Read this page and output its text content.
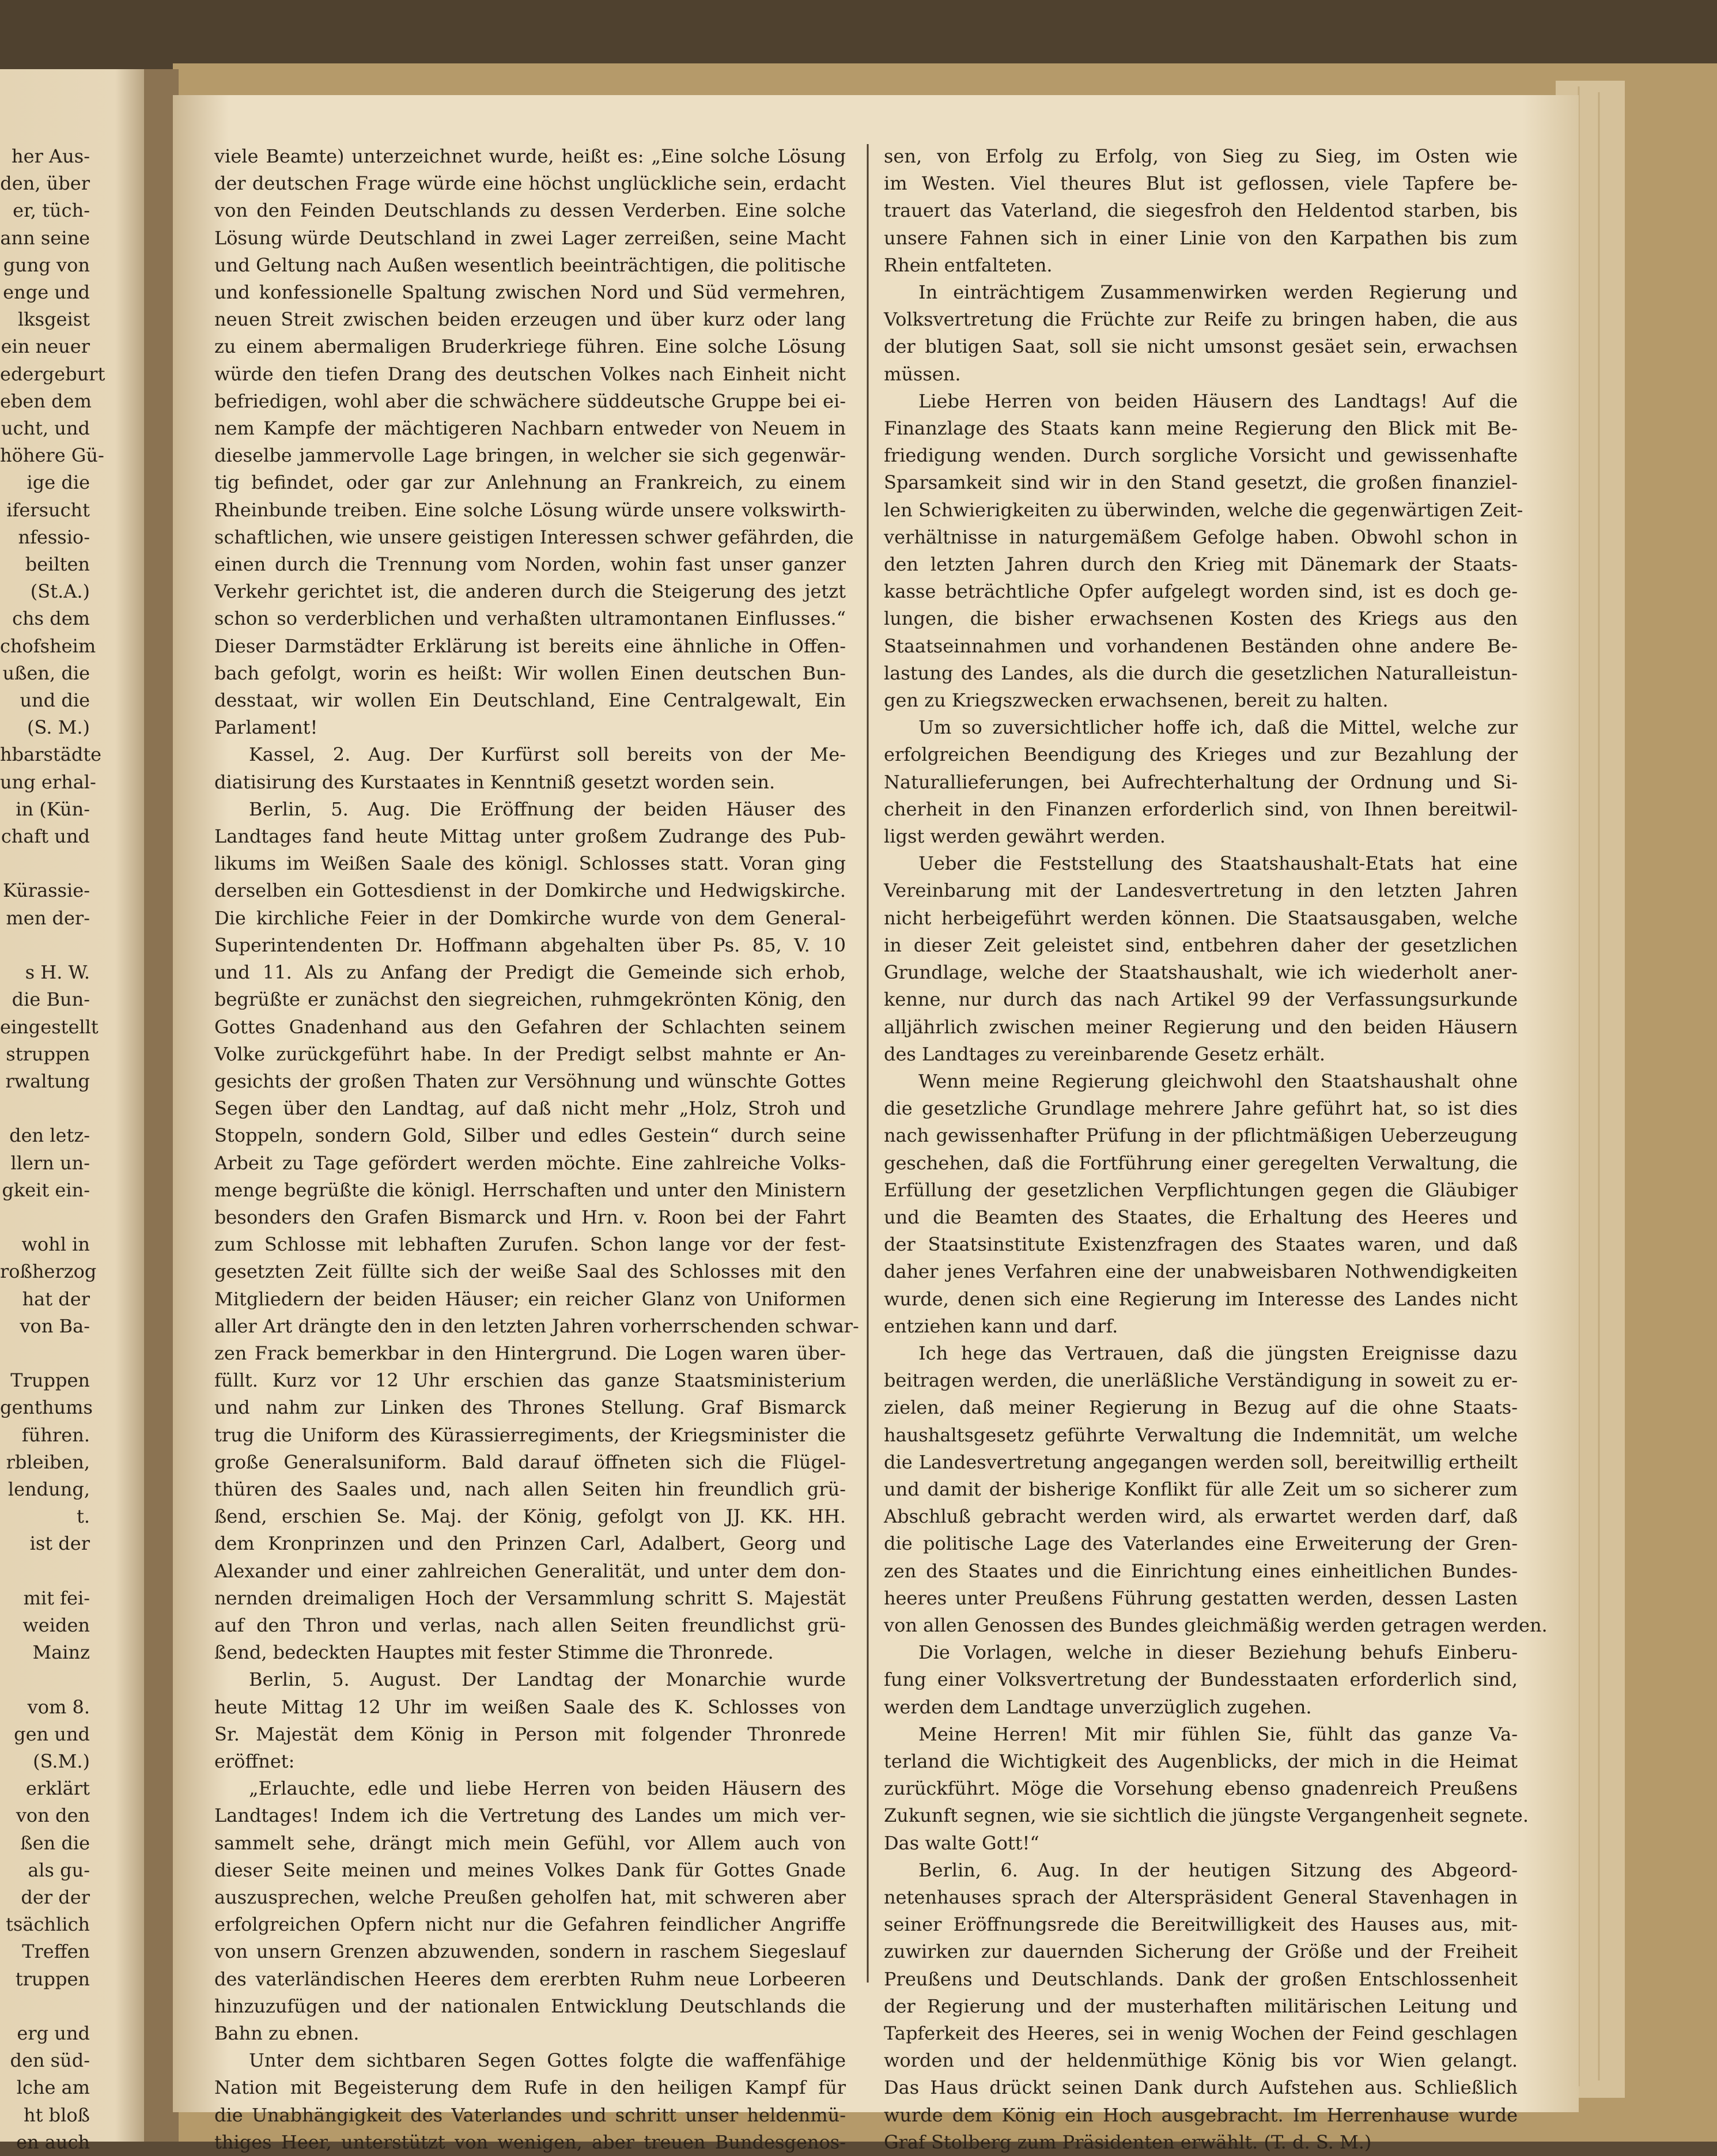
her Aus-
den, über
er, tüch-
ann seine
gung von
enge und
lksgeist
ein neuer
edergeburt
eben dem
ucht, und
höhere Gü-
ige die
ifersucht
nfessio-
beilten
(St.A.)
chs dem
chofsheim
ußen, die
und die
(S. M.)
hbarstädte
ung erhal-
in (Kün-
chaft und

Kürassie-
men der-

s H. W.
die Bun-
eingestellt
struppen
rwaltung

den letz-
llern un-
gkeit ein-

wohl in
roßherzog
hat der
von Ba-

Truppen
genthums
führen.
rbleiben,
lendung,
t.
ist der

mit fei-
weiden
Mainz

vom 8.
gen und
(S.M.)
erklärt
von den
ßen die
als gu-
der der
tsächlich
Treffen
truppen

erg und
den süd-
lche am
ht bloß
en auch
viele Beamte) unterzeichnet wurde, heißt es: „Eine solche Lösung
der deutschen Frage würde eine höchst unglückliche sein, erdacht
von den Feinden Deutschlands zu dessen Verderben. Eine solche
Lösung würde Deutschland in zwei Lager zerreißen, seine Macht
und Geltung nach Außen wesentlich beeinträchtigen, die politische
und konfessionelle Spaltung zwischen Nord und Süd vermehren,
neuen Streit zwischen beiden erzeugen und über kurz oder lang
zu einem abermaligen Bruderkriege führen. Eine solche Lösung
würde den tiefen Drang des deutschen Volkes nach Einheit nicht
befriedigen, wohl aber die schwächere süddeutsche Gruppe bei ei-
nem Kampfe der mächtigeren Nachbarn entweder von Neuem in
dieselbe jammervolle Lage bringen, in welcher sie sich gegenwär-
tig befindet, oder gar zur Anlehnung an Frankreich, zu einem
Rheinbunde treiben. Eine solche Lösung würde unsere volkswirth-
schaftlichen, wie unsere geistigen Interessen schwer gefährden, die
einen durch die Trennung vom Norden, wohin fast unser ganzer
Verkehr gerichtet ist, die anderen durch die Steigerung des jetzt
schon so verderblichen und verhaßten ultramontanen Einflusses.“
Dieser Darmstädter Erklärung ist bereits eine ähnliche in Offen-
bach gefolgt, worin es heißt: Wir wollen Einen deutschen Bun-
desstaat, wir wollen Ein Deutschland, Eine Centralgewalt, Ein
Parlament!
Kassel, 2. Aug. Der Kurfürst soll bereits von der Me-
diatisirung des Kurstaates in Kenntniß gesetzt worden sein.
Berlin, 5. Aug. Die Eröffnung der beiden Häuser des
Landtages fand heute Mittag unter großem Zudrange des Pub-
likums im Weißen Saale des königl. Schlosses statt. Voran ging
derselben ein Gottesdienst in der Domkirche und Hedwigskirche.
Die kirchliche Feier in der Domkirche wurde von dem General-
Superintendenten Dr. Hoffmann abgehalten über Ps. 85, V. 10
und 11. Als zu Anfang der Predigt die Gemeinde sich erhob,
begrüßte er zunächst den siegreichen, ruhmgekrönten König, den
Gottes Gnadenhand aus den Gefahren der Schlachten seinem
Volke zurückgeführt habe. In der Predigt selbst mahnte er An-
gesichts der großen Thaten zur Versöhnung und wünschte Gottes
Segen über den Landtag, auf daß nicht mehr „Holz, Stroh und
Stoppeln, sondern Gold, Silber und edles Gestein“ durch seine
Arbeit zu Tage gefördert werden möchte. Eine zahlreiche Volks-
menge begrüßte die königl. Herrschaften und unter den Ministern
besonders den Grafen Bismarck und Hrn. v. Roon bei der Fahrt
zum Schlosse mit lebhaften Zurufen. Schon lange vor der fest-
gesetzten Zeit füllte sich der weiße Saal des Schlosses mit den
Mitgliedern der beiden Häuser; ein reicher Glanz von Uniformen
aller Art drängte den in den letzten Jahren vorherrschenden schwar-
zen Frack bemerkbar in den Hintergrund. Die Logen waren über-
füllt. Kurz vor 12 Uhr erschien das ganze Staatsministerium
und nahm zur Linken des Thrones Stellung. Graf Bismarck
trug die Uniform des Kürassierregiments, der Kriegsminister die
große Generalsuniform. Bald darauf öffneten sich die Flügel-
thüren des Saales und, nach allen Seiten hin freundlich grü-
ßend, erschien Se. Maj. der König, gefolgt von JJ. KK. HH.
dem Kronprinzen und den Prinzen Carl, Adalbert, Georg und
Alexander und einer zahlreichen Generalität, und unter dem don-
nernden dreimaligen Hoch der Versammlung schritt S. Majestät
auf den Thron und verlas, nach allen Seiten freundlichst grü-
ßend, bedeckten Hauptes mit fester Stimme die Thronrede.
Berlin, 5. August. Der Landtag der Monarchie wurde
heute Mittag 12 Uhr im weißen Saale des K. Schlosses von
Sr. Majestät dem König in Person mit folgender Thronrede
eröffnet:
„Erlauchte, edle und liebe Herren von beiden Häusern des
Landtages! Indem ich die Vertretung des Landes um mich ver-
sammelt sehe, drängt mich mein Gefühl, vor Allem auch von
dieser Seite meinen und meines Volkes Dank für Gottes Gnade
auszusprechen, welche Preußen geholfen hat, mit schweren aber
erfolgreichen Opfern nicht nur die Gefahren feindlicher Angriffe
von unsern Grenzen abzuwenden, sondern in raschem Siegeslauf
des vaterländischen Heeres dem ererbten Ruhm neue Lorbeeren
hinzuzufügen und der nationalen Entwicklung Deutschlands die
Bahn zu ebnen.
Unter dem sichtbaren Segen Gottes folgte die waffenfähige
Nation mit Begeisterung dem Rufe in den heiligen Kampf für
die Unabhängigkeit des Vaterlandes und schritt unser heldenmü-
thiges Heer, unterstützt von wenigen, aber treuen Bundesgenos-
sen, von Erfolg zu Erfolg, von Sieg zu Sieg, im Osten wie
im Westen. Viel theures Blut ist geflossen, viele Tapfere be-
trauert das Vaterland, die siegesfroh den Heldentod starben, bis
unsere Fahnen sich in einer Linie von den Karpathen bis zum
Rhein entfalteten.
In einträchtigem Zusammenwirken werden Regierung und
Volksvertretung die Früchte zur Reife zu bringen haben, die aus
der blutigen Saat, soll sie nicht umsonst gesäet sein, erwachsen
müssen.
Liebe Herren von beiden Häusern des Landtags! Auf die
Finanzlage des Staats kann meine Regierung den Blick mit Be-
friedigung wenden. Durch sorgliche Vorsicht und gewissenhafte
Sparsamkeit sind wir in den Stand gesetzt, die großen finanziel-
len Schwierigkeiten zu überwinden, welche die gegenwärtigen Zeit-
verhältnisse in naturgemäßem Gefolge haben. Obwohl schon in
den letzten Jahren durch den Krieg mit Dänemark der Staats-
kasse beträchtliche Opfer aufgelegt worden sind, ist es doch ge-
lungen, die bisher erwachsenen Kosten des Kriegs aus den
Staatseinnahmen und vorhandenen Beständen ohne andere Be-
lastung des Landes, als die durch die gesetzlichen Naturalleistun-
gen zu Kriegszwecken erwachsenen, bereit zu halten.
Um so zuversichtlicher hoffe ich, daß die Mittel, welche zur
erfolgreichen Beendigung des Krieges und zur Bezahlung der
Naturallieferungen, bei Aufrechterhaltung der Ordnung und Si-
cherheit in den Finanzen erforderlich sind, von Ihnen bereitwil-
ligst werden gewährt werden.
Ueber die Feststellung des Staatshaushalt-Etats hat eine
Vereinbarung mit der Landesvertretung in den letzten Jahren
nicht herbeigeführt werden können. Die Staatsausgaben, welche
in dieser Zeit geleistet sind, entbehren daher der gesetzlichen
Grundlage, welche der Staatshaushalt, wie ich wiederholt aner-
kenne, nur durch das nach Artikel 99 der Verfassungsurkunde
alljährlich zwischen meiner Regierung und den beiden Häusern
des Landtages zu vereinbarende Gesetz erhält.
Wenn meine Regierung gleichwohl den Staatshaushalt ohne
die gesetzliche Grundlage mehrere Jahre geführt hat, so ist dies
nach gewissenhafter Prüfung in der pflichtmäßigen Ueberzeugung
geschehen, daß die Fortführung einer geregelten Verwaltung, die
Erfüllung der gesetzlichen Verpflichtungen gegen die Gläubiger
und die Beamten des Staates, die Erhaltung des Heeres und
der Staatsinstitute Existenzfragen des Staates waren, und daß
daher jenes Verfahren eine der unabweisbaren Nothwendigkeiten
wurde, denen sich eine Regierung im Interesse des Landes nicht
entziehen kann und darf.
Ich hege das Vertrauen, daß die jüngsten Ereignisse dazu
beitragen werden, die unerläßliche Verständigung in soweit zu er-
zielen, daß meiner Regierung in Bezug auf die ohne Staats-
haushaltsgesetz geführte Verwaltung die Indemnität, um welche
die Landesvertretung angegangen werden soll, bereitwillig ertheilt
und damit der bisherige Konflikt für alle Zeit um so sicherer zum
Abschluß gebracht werden wird, als erwartet werden darf, daß
die politische Lage des Vaterlandes eine Erweiterung der Gren-
zen des Staates und die Einrichtung eines einheitlichen Bundes-
heeres unter Preußens Führung gestatten werden, dessen Lasten
von allen Genossen des Bundes gleichmäßig werden getragen werden.
Die Vorlagen, welche in dieser Beziehung behufs Einberu-
fung einer Volksvertretung der Bundesstaaten erforderlich sind,
werden dem Landtage unverzüglich zugehen.
Meine Herren! Mit mir fühlen Sie, fühlt das ganze Va-
terland die Wichtigkeit des Augenblicks, der mich in die Heimat
zurückführt. Möge die Vorsehung ebenso gnadenreich Preußens
Zukunft segnen, wie sie sichtlich die jüngste Vergangenheit segnete.
Das walte Gott!“
Berlin, 6. Aug. In der heutigen Sitzung des Abgeord-
netenhauses sprach der Alterspräsident General Stavenhagen in
seiner Eröffnungsrede die Bereitwilligkeit des Hauses aus, mit-
zuwirken zur dauernden Sicherung der Größe und der Freiheit
Preußens und Deutschlands. Dank der großen Entschlossenheit
der Regierung und der musterhaften militärischen Leitung und
Tapferkeit des Heeres, sei in wenig Wochen der Feind geschlagen
worden und der heldenmüthige König bis vor Wien gelangt.
Das Haus drückt seinen Dank durch Aufstehen aus. Schließlich
wurde dem König ein Hoch ausgebracht. Im Herrenhause wurde
Graf Stolberg zum Präsidenten erwählt. (T. d. S. M.)
